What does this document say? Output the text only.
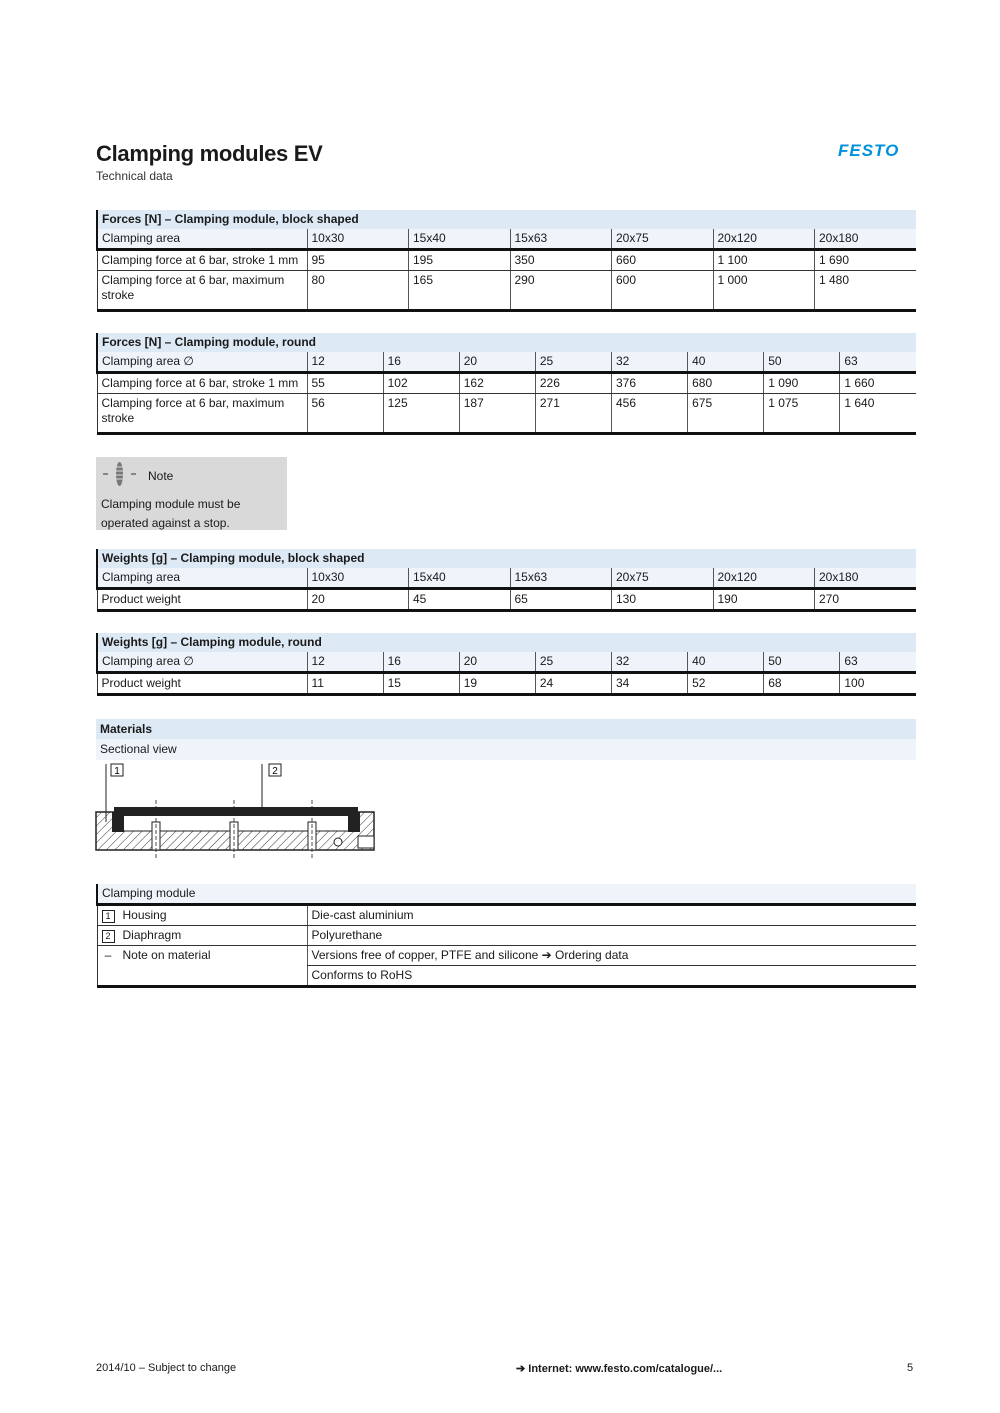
Clamping modules EV
Technical data
FESTO
Forces [N] – Clamping module, block shaped						
Clamping area	10x30	15x40	15x63	20x75	20x120	20x180
Clamping force at 6 bar, stroke 1 mm	95	195	350	660	1 100	1 690
Clamping force at 6 bar, maximum stroke	80	165	290	600	1 000	1 480
Forces [N] – Clamping module, round								
Clamping area ∅	12	16	20	25	32	40	50	63
Clamping force at 6 bar, stroke 1 mm	55	102	162	226	376	680	1 090	1 660
Clamping force at 6 bar, maximum stroke	56	125	187	271	456	675	1 075	1 640
Note
Clamping module must be operated against a stop.
Weights [g] – Clamping module, block shaped						
Clamping area	10x30	15x40	15x63	20x75	20x120	20x180
Product weight	20	45	65	130	190	270
Weights [g] – Clamping module, round								
Clamping area ∅	12	16	20	25	32	40	50	63
Product weight	11	15	19	24	34	52	68	100
Materials
Sectional view
1	2
Clamping module	
1 Housing	Die-cast aluminium
2 Diaphragm	Polyurethane
– Note on material	Versions free of copper, PTFE and silicone ➔ Ordering data
	Conforms to RoHS
2014/10 – Subject to change	➔ Internet: www.festo.com/catalogue/...	5
